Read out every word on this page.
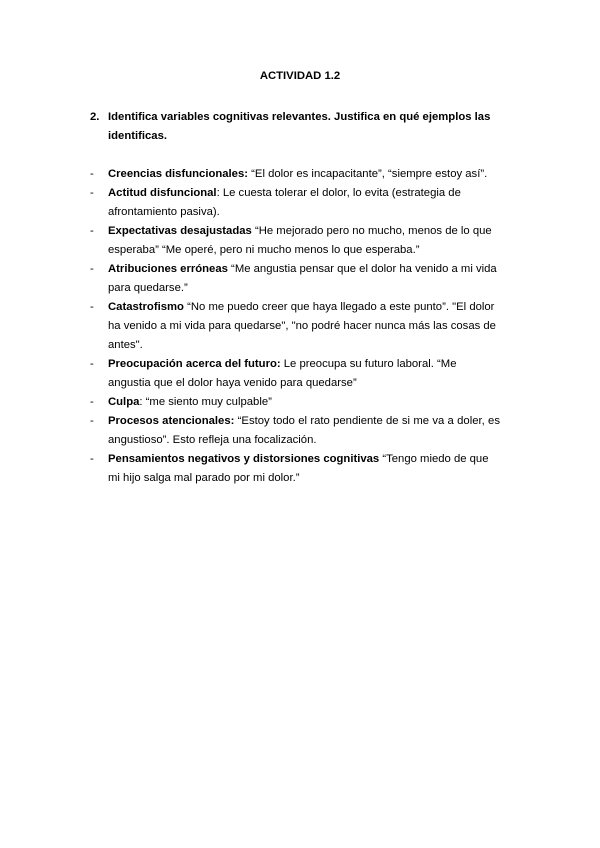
ACTIVIDAD 1.2
2. Identifica variables cognitivas relevantes. Justifica en qué ejemplos las identificas.
- Creencias disfuncionales: “El dolor es incapacitante”, “siempre estoy así”.
- Actitud disfuncional: Le cuesta tolerar el dolor, lo evita (estrategia de afrontamiento pasiva).
- Expectativas desajustadas “He mejorado pero no mucho, menos de lo que esperaba” “Me operé, pero ni mucho menos lo que esperaba.”
- Atribuciones erróneas “Me angustia pensar que el dolor ha venido a mi vida para quedarse.”
- Catastrofismo “No me puedo creer que haya llegado a este punto”. "El dolor ha venido a mi vida para quedarse", "no podré hacer nunca más las cosas de antes".
- Preocupación acerca del futuro: Le preocupa su futuro laboral. “Me angustia que el dolor haya venido para quedarse”
- Culpa: “me siento muy culpable”
- Procesos atencionales: “Estoy todo el rato pendiente de si me va a doler, es angustioso”. Esto refleja una focalización.
- Pensamientos negativos y distorsiones cognitivas “Tengo miedo de que mi hijo salga mal parado por mi dolor.”
